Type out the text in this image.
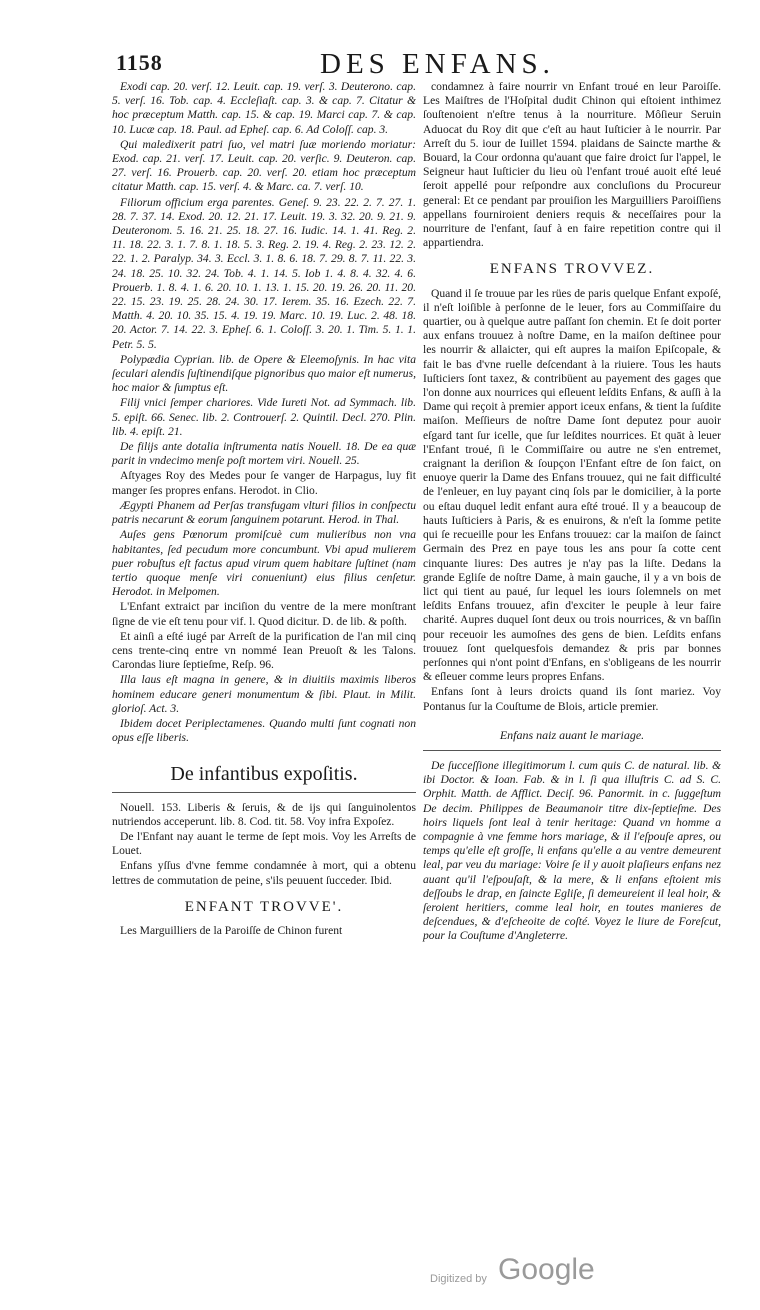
1158	DES ENFANS.

Exodi cap. 20. verſ. 12. Leuit. cap. 19. verſ. 3. Deuterono. cap. 5. verſ. 16. Tob. cap. 4. Eccleſiaſt. cap. 3. & cap. 7. Citatur & hoc præceptum Matth. cap. 15. & cap. 19. Marci cap. 7. & cap. 10. Lucæ cap. 18. Paul. ad Epheſ. cap. 6. Ad Coloſſ. cap. 3.

Qui maledixerit patri ſuo, vel matri ſuæ moriendo moriatur: Exod. cap. 21. verſ. 17. Leuit. cap. 20. verſic. 9. Deuteron. cap. 27. verſ. 16. Prouerb. cap. 20. verſ. 20. etiam hoc præceptum citatur Matth. cap. 15. verſ. 4. & Marc. ca. 7. verſ. 10.

Filiorum officium erga parentes. Geneſ. 9. 23. 22. 2. 7. 27. 1. 28. 7. 37. 14. Exod. 20. 12. 21. 17. Leuit. 19. 3. 32. 20. 9. 21. 9. Deuteronom. 5. 16. 21. 25. 18. 27. 16. Iudic. 14. 1. 41. Reg. 2. 11. 18. 22. 3. 1. 7. 8. 1. 18. 5. 3. Reg. 2. 19. 4. Reg. 2. 23. 12. 2. 22. 1. 2. Paralyp. 34. 3. Eccl. 3. 1. 8. 6. 18. 7. 29. 8. 7. 11. 22. 3. 24. 18. 25. 10. 32. 24. Tob. 4. 1. 14. 5. Iob 1. 4. 8. 4. 32. 4. 6. Prouerb. 1. 8. 4. 1. 6. 20. 10. 1. 13. 1. 15. 20. 19. 26. 20. 11. 20. 22. 15. 23. 19. 25. 28. 24. 30. 17. Ierem. 35. 16. Ezech. 22. 7. Matth. 4. 20. 10. 35. 15. 4. 19. 19. Marc. 10. 19. Luc. 2. 48. 18. 20. Actor. 7. 14. 22. 3. Epheſ. 6. 1. Coloſſ. 3. 20. 1. Tim. 5. 1. 1. Petr. 5. 5.

Polypædia Cyprian. lib. de Opere & Eleemoſynis. In hac vita ſeculari alendis ſuſtinendiſque pignoribus quo maior eſt numerus, hoc maior & ſumptus eſt.

Filij vnici ſemper chariores. Vide Iureti Not. ad Symmach. lib. 5. epiſt. 66. Senec. lib. 2. Controuerſ. 2. Quintil. Decl. 270. Plin. lib. 4. epiſt. 21.

De filijs ante dotalia inſtrumenta natis Nouell. 18. De ea quæ parit in vndecimo menſe poſt mortem viri. Nouell. 25.

Aſtyages Roy des Medes pour ſe vanger de Harpagus, luy fit manger ſes propres enfans. Herodot. in Clio.

Ægypti Phanem ad Perſas transfugam vlturi filios in conſpectu patris necarunt & eorum ſanguinem potarunt. Herod. in Thal.

Auſes gens Pœnorum promiſcuè cum mulieribus non vna habitantes, ſed pecudum more concumbunt. Vbi apud mulierem puer robuſtus eſt factus apud virum quem habitare ſuſtinet (nam tertio quoque menſe viri conueniunt) eius filius cenſetur. Herodot. in Melpomen.

L'Enfant extraict par inciſion du ventre de la mere monſtrant ſigne de vie eſt tenu pour vif. l. Quod dicitur. D. de lib. & poſth.

Et ainſi a eſté iugé par Arreſt de la purification de l'an mil cinq cens trente-cinq entre vn nommé Iean Preuoſt & les Talons. Carondas liure ſeptieſme, Reſp. 96.

Illa laus eſt magna in genere, & in diuitiis maximis liberos hominem educare generi monumentum & ſibi. Plaut. in Milit. glorioſ. Act. 3.

Ibidem docet Periplectamenes. Quando multi ſunt cognati non opus eſſe liberis.

De infantibus expoſitis.

Nouell. 153. Liberis & ſeruis, & de ijs qui ſanguinolentos nutriendos acceperunt. lib. 8. Cod. tit. 58. Voy infra Expoſez.

De l'Enfant nay auant le terme de ſept mois. Voy les Arreſts de Louet.

Enfans yſſus d'vne femme condamnée à mort, qui a obtenu lettres de commutation de peine, s'ils peuuent ſucceder. Ibid.

ENFANT TROVVE'.

Les Marguilliers de la Paroiſſe de Chinon furent

condamnez à faire nourrir vn Enfant troué en leur Paroiſſe. Les Maiſtres de l'Hoſpital dudit Chinon qui eſtoient inthimez ſouſtenoient n'eſtre tenus à la nourriture. Môſieur Seruin Aduocat du Roy dit que c'eſt au haut Iuſticier à le nourrir. Par Arreſt du 5. iour de Iuillet 1594. plaidans de Saincte marthe & Bouard, la Cour ordonna qu'auant que faire droict ſur l'appel, le Seigneur haut Iuſticier du lieu où l'enfant troué auoit eſté leué ſeroit appellé pour reſpondre aux concluſions du Procureur general: Et ce pendant par prouiſion les Marguilliers Paroiſſiens appellans fourniroient deniers requis & neceſſaires pour la nourriture de l'enfant, ſauf à en faire repetition contre qui il appartiendra.

ENFANS TROVVEZ.

Quand il ſe trouue par les rües de paris quelque Enfant expoſé, il n'eſt loiſible à perſonne de le leuer, fors au Commiſſaire du quartier, ou à quelque autre paſſant ſon chemin. Et ſe doit porter aux enfans trouuez à noſtre Dame, en la maiſon deſtinee pour les nourrir & allaicter, qui eſt aupres la maiſon Epiſcopale, & fait le bas d'vne ruelle deſcendant à la riuiere. Tous les hauts Iuſticiers ſont taxez, & contribüent au payement des gages que l'on donne aux nourrices qui eſleuent leſdits Enfans, & auſſi à la Dame qui reçoit à premier apport iceux enfans, & tient la ſuſdite maiſon. Meſſieurs de noſtre Dame ſont deputez pour auoir eſgard tant ſur icelle, que ſur leſdites nourrices. Et quāt à leuer l'Enfant troué, ſi le Commiſſaire ou autre ne s'en entremet, craignant la deriſion & ſoupçon l'Enfant eſtre de ſon faict, on enuoye querir la Dame des Enfans trouuez, qui ne fait difficulté de l'enleuer, en luy payant cinq ſols par le domicilier, à la porte ou eſtau duquel ledit enfant aura eſté troué. Il y a beaucoup de hauts Iuſticiers à Paris, & es enuirons, & n'eſt la ſomme petite qui ſe recueille pour les Enfans trouuez: car la maiſon de ſainct Germain des Prez en paye tous les ans pour ſa cotte cent cinquante liures: Des autres je n'ay pas la liſte. Dedans la grande Egliſe de noſtre Dame, à main gauche, il y a vn bois de lict qui tient au paué, ſur lequel les iours ſolemnels on met leſdits Enfans trouuez, afin d'exciter le peuple à leur faire charité. Aupres duquel ſont deux ou trois nourrices, & vn baſſin pour receuoir les aumoſnes des gens de bien. Leſdits enfans trouuez ſont quelquesfois demandez & pris par bonnes perſonnes qui n'ont point d'Enfans, en s'obligeans de les nourrir & eſleuer comme leurs propres Enfans.

Enfans ſont à leurs droicts quand ils ſont mariez. Voy Pontanus ſur la Couſtume de Blois, article premier.

Enfans naiz auant le mariage.

De ſucceſſione illegitimorum l. cum quis C. de natural. lib. & ibi Doctor. & Ioan. Fab. & in l. ſi qua illuſtris C. ad S. C. Orphit. Matth. de Afflict. Deciſ. 96. Panormit. in c. ſuggeſtum De decim. Philippes de Beaumanoir titre dix-ſeptieſme. Des hoirs liquels ſont leal à tenir heritage: Quand vn homme a compagnie à vne femme hors mariage, & il l'eſpouſe apres, ou temps qu'elle eſt groſſe, li enfans qu'elle a au ventre demeurent leal, par veu du mariage: Voire ſe il y auoit plaſieurs enfans nez auant qu'il l'eſpouſaſt, & la mere, & li enfans eſtoient mis deſſoubs le drap, en ſaincte Egliſe, ſi demeureient il leal hoir, & ſeroient heritiers, comme leal hoir, en toutes manieres de deſcendues, & d'eſcheoite de coſté. Voyez le liure de Foreſcut, pour la Couſtume d'Angleterre.

Digitized by Google
